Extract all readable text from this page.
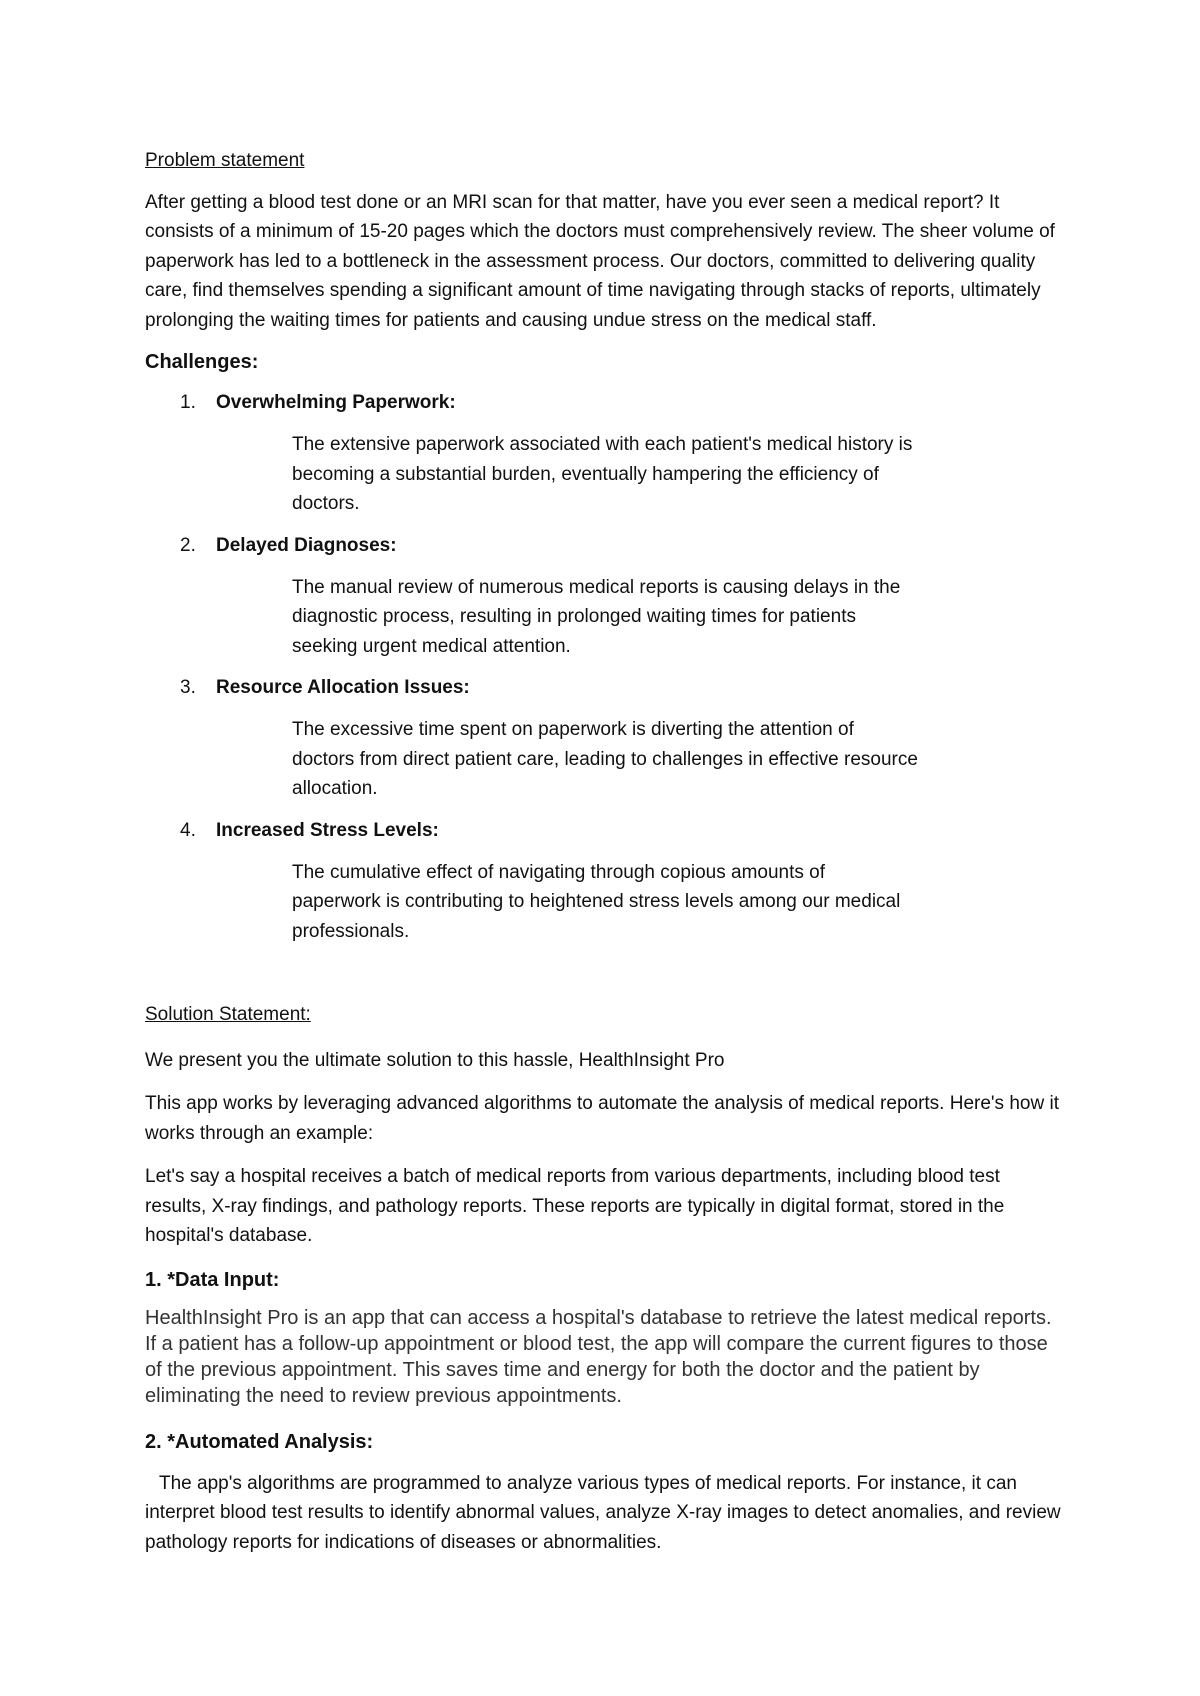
Problem statement

After getting a blood test done or an MRI scan for that matter, have you ever seen a medical report? It consists of a minimum of 15-20 pages which the doctors must comprehensively review. The sheer volume of paperwork has led to a bottleneck in the assessment process. Our doctors, committed to delivering quality care, find themselves spending a significant amount of time navigating through stacks of reports, ultimately prolonging the waiting times for patients and causing undue stress on the medical staff.

Challenges:

1. Overwhelming Paperwork:

The extensive paperwork associated with each patient's medical history is becoming a substantial burden, eventually hampering the efficiency of doctors.

2. Delayed Diagnoses:

The manual review of numerous medical reports is causing delays in the diagnostic process, resulting in prolonged waiting times for patients seeking urgent medical attention.

3. Resource Allocation Issues:

The excessive time spent on paperwork is diverting the attention of doctors from direct patient care, leading to challenges in effective resource allocation.

4. Increased Stress Levels:

The cumulative effect of navigating through copious amounts of paperwork is contributing to heightened stress levels among our medical professionals.

Solution Statement:

We present you the ultimate solution to this hassle, HealthInsight Pro

This app works by leveraging advanced algorithms to automate the analysis of medical reports. Here's how it works through an example:

Let's say a hospital receives a batch of medical reports from various departments, including blood test results, X-ray findings, and pathology reports. These reports are typically in digital format, stored in the hospital's database.

1. *Data Input:

HealthInsight Pro is an app that can access a hospital's database to retrieve the latest medical reports. If a patient has a follow-up appointment or blood test, the app will compare the current figures to those of the previous appointment. This saves time and energy for both the doctor and the patient by eliminating the need to review previous appointments.

2. *Automated Analysis:

The app's algorithms are programmed to analyze various types of medical reports. For instance, it can interpret blood test results to identify abnormal values, analyze X-ray images to detect anomalies, and review pathology reports for indications of diseases or abnormalities.
